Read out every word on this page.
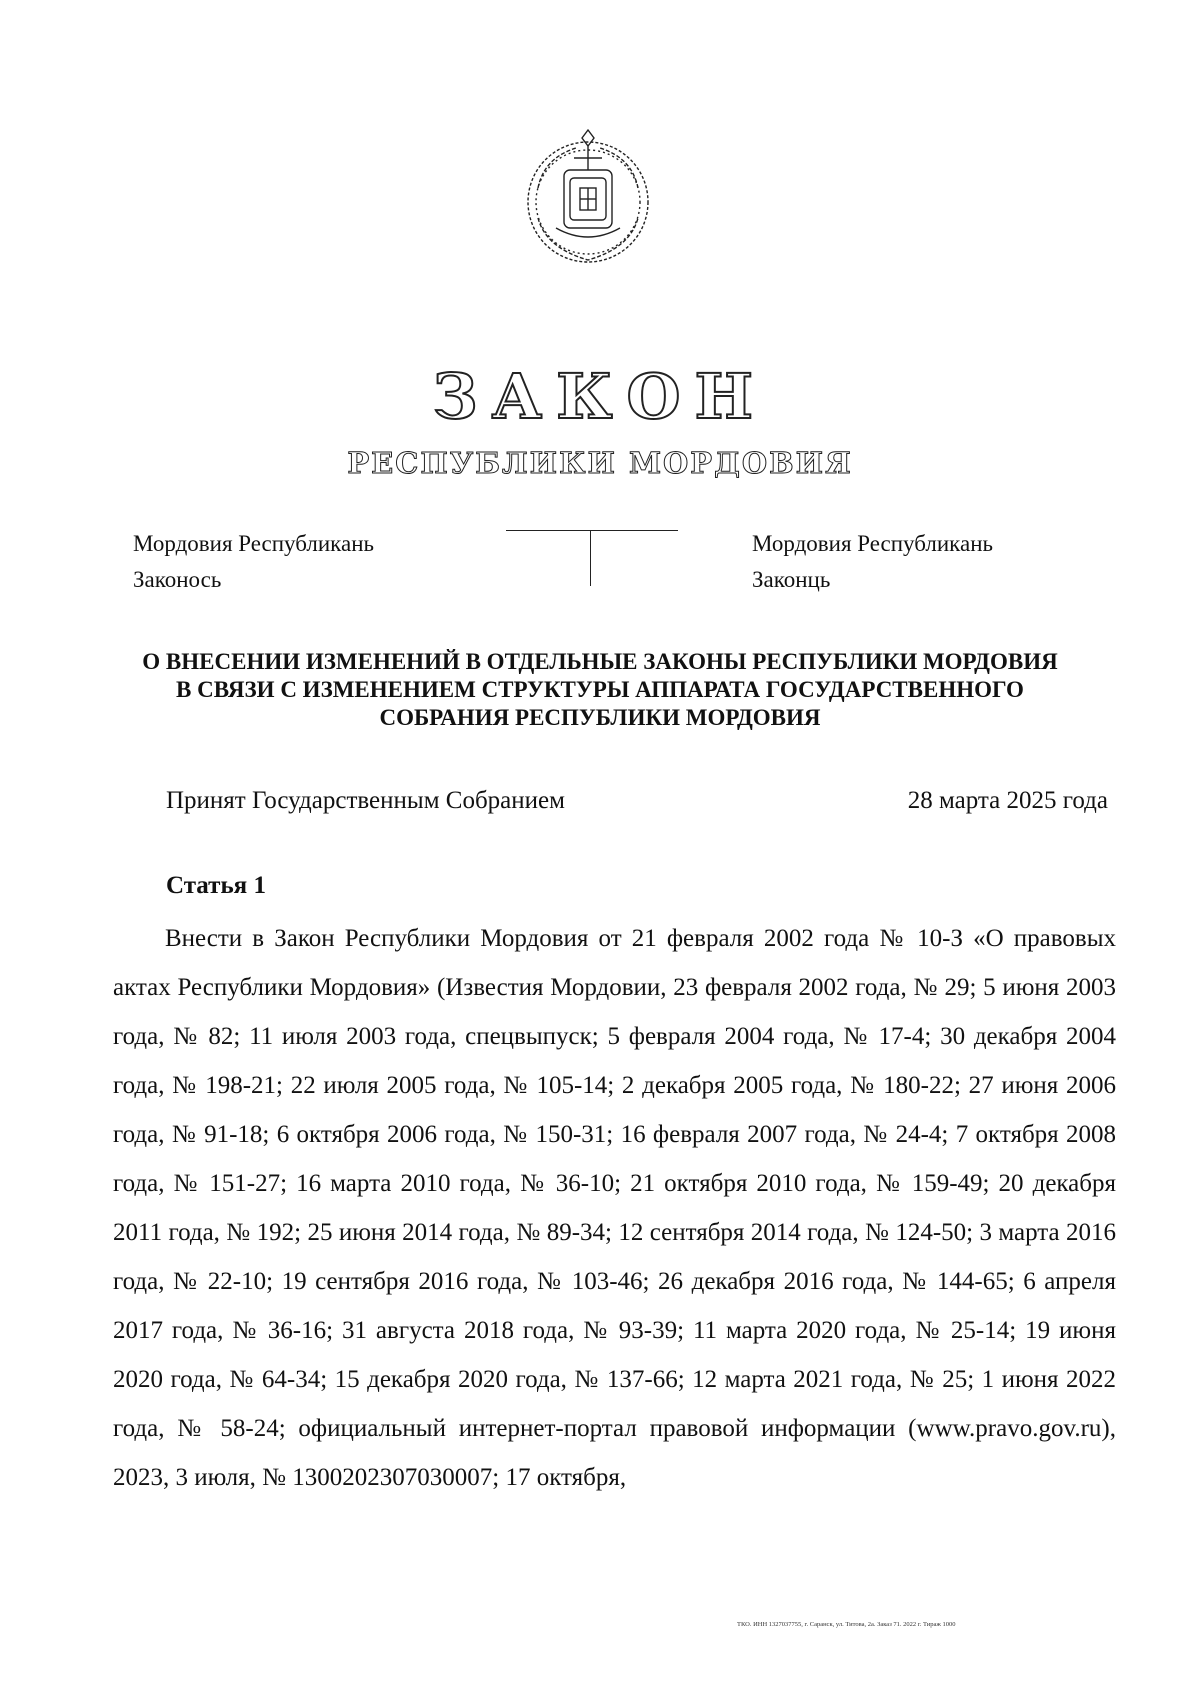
ЗАКОН
РЕСПУБЛИКИ МОРДОВИЯ
Мордовия Республикань
Законось
Мордовия Республикань
Законць
О ВНЕСЕНИИ ИЗМЕНЕНИЙ В ОТДЕЛЬНЫЕ ЗАКОНЫ РЕСПУБЛИКИ МОРДОВИЯ
В СВЯЗИ С ИЗМЕНЕНИЕМ СТРУКТУРЫ АППАРАТА ГОСУДАРСТВЕННОГО
СОБРАНИЯ РЕСПУБЛИКИ МОРДОВИЯ
Принят Государственным Собранием	28 марта 2025 года
Статья 1

Внести в Закон Республики Мордовия от 21 февраля 2002 года № 10-З «О правовых актах Республики Мордовия» (Известия Мордовии, 23 февраля 2002 года, № 29; 5 июня 2003 года, № 82; 11 июля 2003 года, спецвыпуск; 5 февраля 2004 года, № 17-4; 30 декабря 2004 года, № 198-21; 22 июля 2005 года, № 105-14; 2 декабря 2005 года, № 180-22; 27 июня 2006 года, № 91-18; 6 октября 2006 года, № 150-31; 16 февраля 2007 года, № 24-4; 7 октября 2008 года, № 151-27; 16 марта 2010 года, № 36-10; 21 октября 2010 года, № 159-49; 20 декабря 2011 года, № 192; 25 июня 2014 года, № 89-34; 12 сентября 2014 года, № 124-50; 3 марта 2016 года, № 22-10; 19 сентября 2016 года, № 103-46; 26 декабря 2016 года, № 144-65; 6 апреля 2017 года, № 36-16; 31 августа 2018 года, № 93-39; 11 марта 2020 года, № 25-14; 19 июня 2020 года, № 64-34; 15 декабря 2020 года, № 137-66; 12 марта 2021 года, № 25; 1 июня 2022 года, № 58-24; официальный интернет-портал правовой информации (www.pravo.gov.ru), 2023, 3 июля, № 1300202307030007; 17 октября,

ТКО. ИНН 1327037755, г. Саранск, ул. Титова, 2а. Заказ 71. 2022 г. Тираж 1000
